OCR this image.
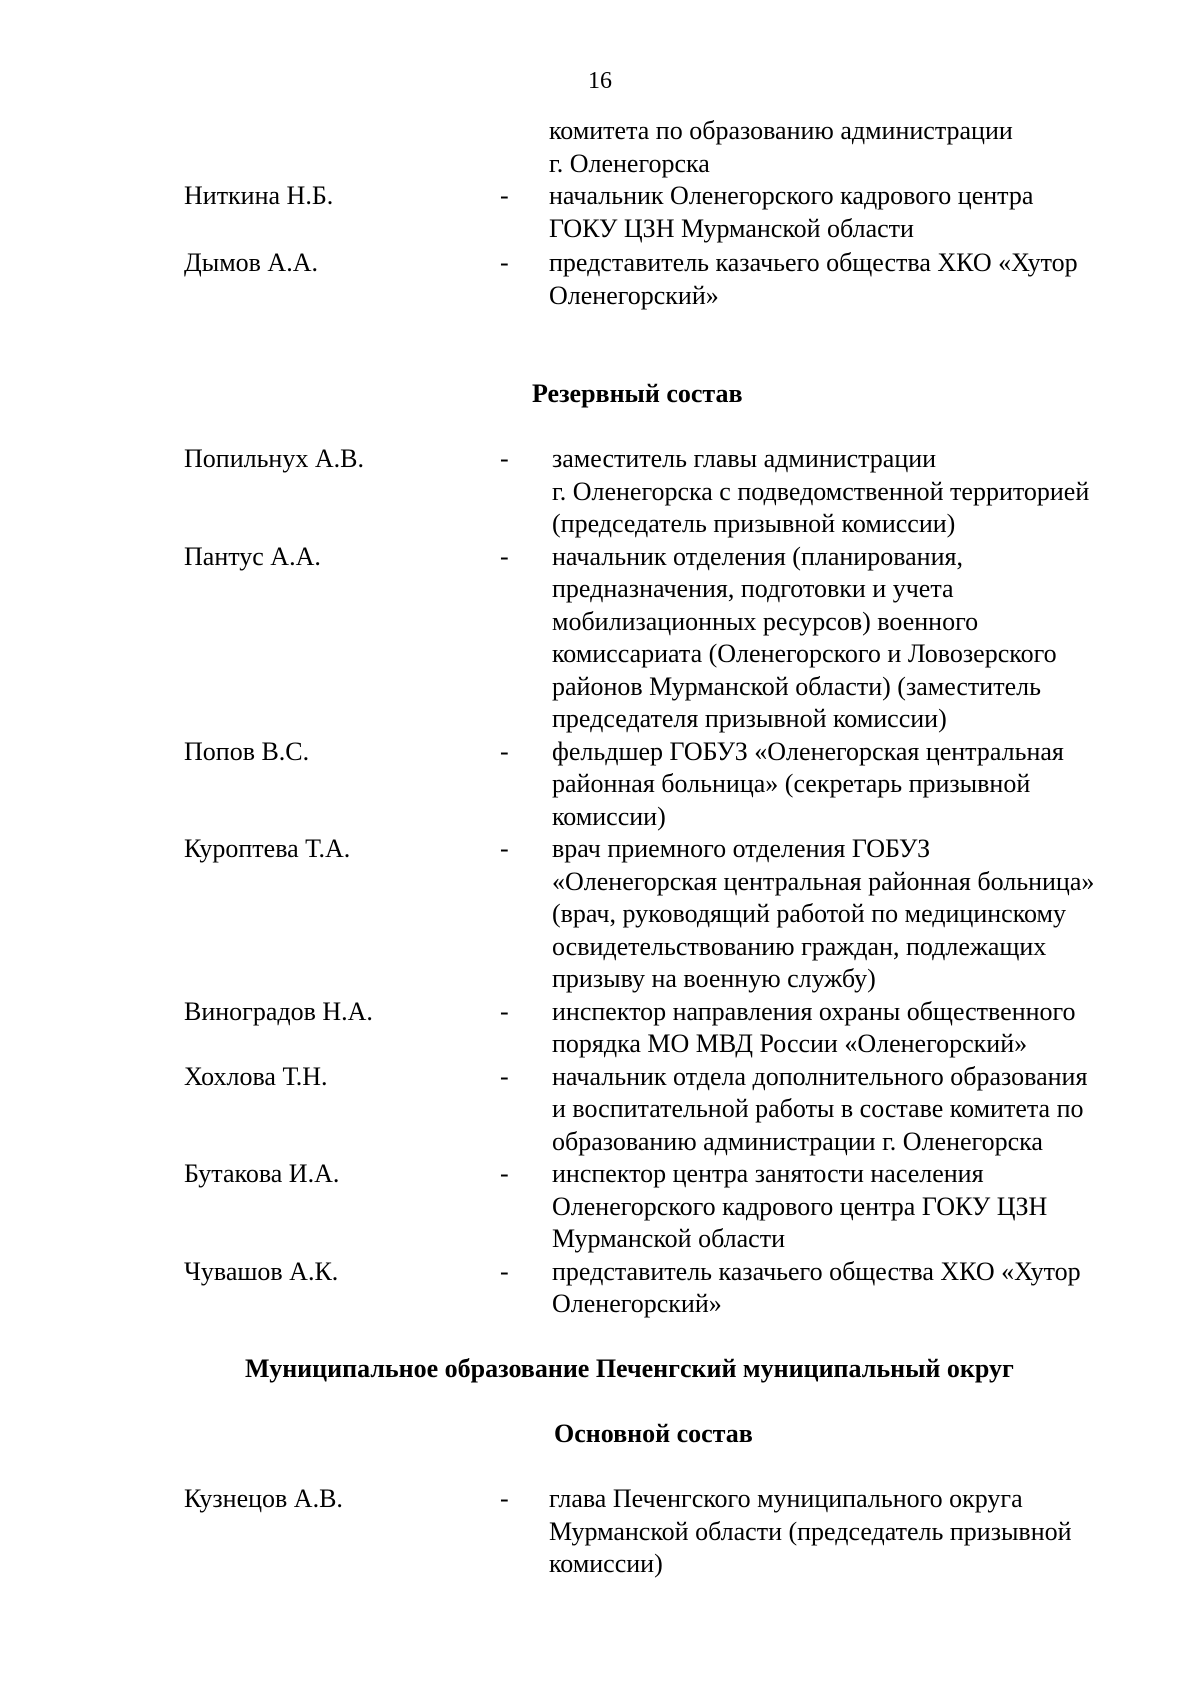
16
комитета по образованию администрации
г. Оленегорска
Ниткина Н.Б.	- начальник Оленегорского кадрового центра
ГОКУ ЦЗН Мурманской области
Дымов А.А.	- представитель казачьего общества ХКО «Хутор
Оленегорский»
Резервный состав
Попильнух А.В.	- заместитель главы администрации
г. Оленегорска с подведомственной территорией
(председатель призывной комиссии)
Пантус А.А.	- начальник отделения (планирования,
предназначения, подготовки и учета
мобилизационных ресурсов) военного
комиссариата (Оленегорского и Ловозерского
районов Мурманской области) (заместитель
председателя призывной комиссии)
Попов В.С.	- фельдшер ГОБУЗ «Оленегорская центральная
районная больница» (секретарь призывной
комиссии)
Куроптева Т.А.	- врач приемного отделения ГОБУЗ
«Оленегорская центральная районная больница»
(врач, руководящий работой по медицинскому
освидетельствованию граждан, подлежащих
призыву на военную службу)
Виноградов Н.А.	- инспектор направления охраны общественного
порядка МО МВД России «Оленегорский»
Хохлова Т.Н.	- начальник отдела дополнительного образования
и воспитательной работы в составе комитета по
образованию администрации г. Оленегорска
Бутакова И.А.	- инспектор центра занятости населения
Оленегорского кадрового центра ГОКУ ЦЗН
Мурманской области
Чувашов А.К.	- представитель казачьего общества ХКО «Хутор
Оленегорский»
Муниципальное образование Печенгский муниципальный округ
Основной состав
Кузнецов А.В.	- глава Печенгского муниципального округа
Мурманской области (председатель призывной
комиссии)
